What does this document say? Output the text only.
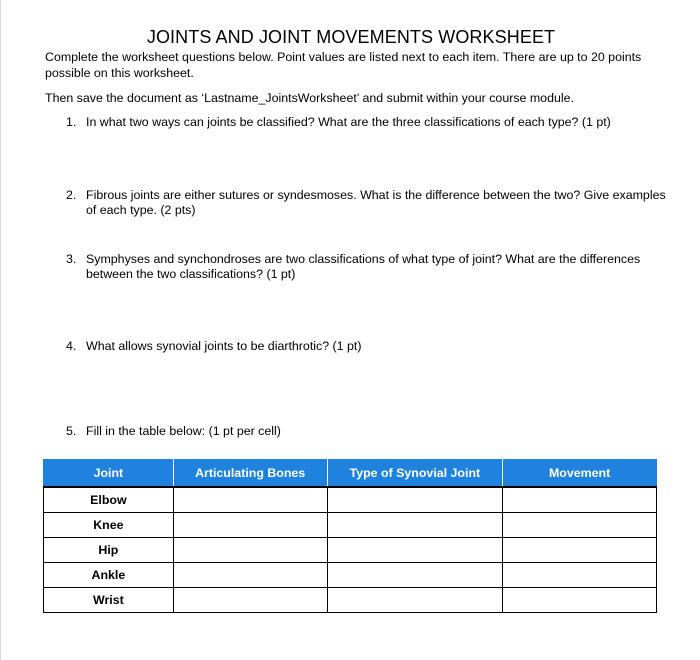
JOINTS AND JOINT MOVEMENTS WORKSHEET
Complete the worksheet questions below. Point values are listed next to each item. There are up to 20 points possible on this worksheet.
Then save the document as ‘Lastname_JointsWorksheet’ and submit within your course module.
1. In what two ways can joints be classified? What are the three classifications of each type? (1 pt)
2. Fibrous joints are either sutures or syndesmoses. What is the difference between the two? Give examples of each type. (2 pts)
3. Symphyses and synchondroses are two classifications of what type of joint? What are the differences between the two classifications? (1 pt)
4. What allows synovial joints to be diarthrotic? (1 pt)
5. Fill in the table below: (1 pt per cell)
Joint	Articulating Bones	Type of Synovial Joint	Movement
Elbow			
Knee			
Hip			
Ankle			
Wrist			
